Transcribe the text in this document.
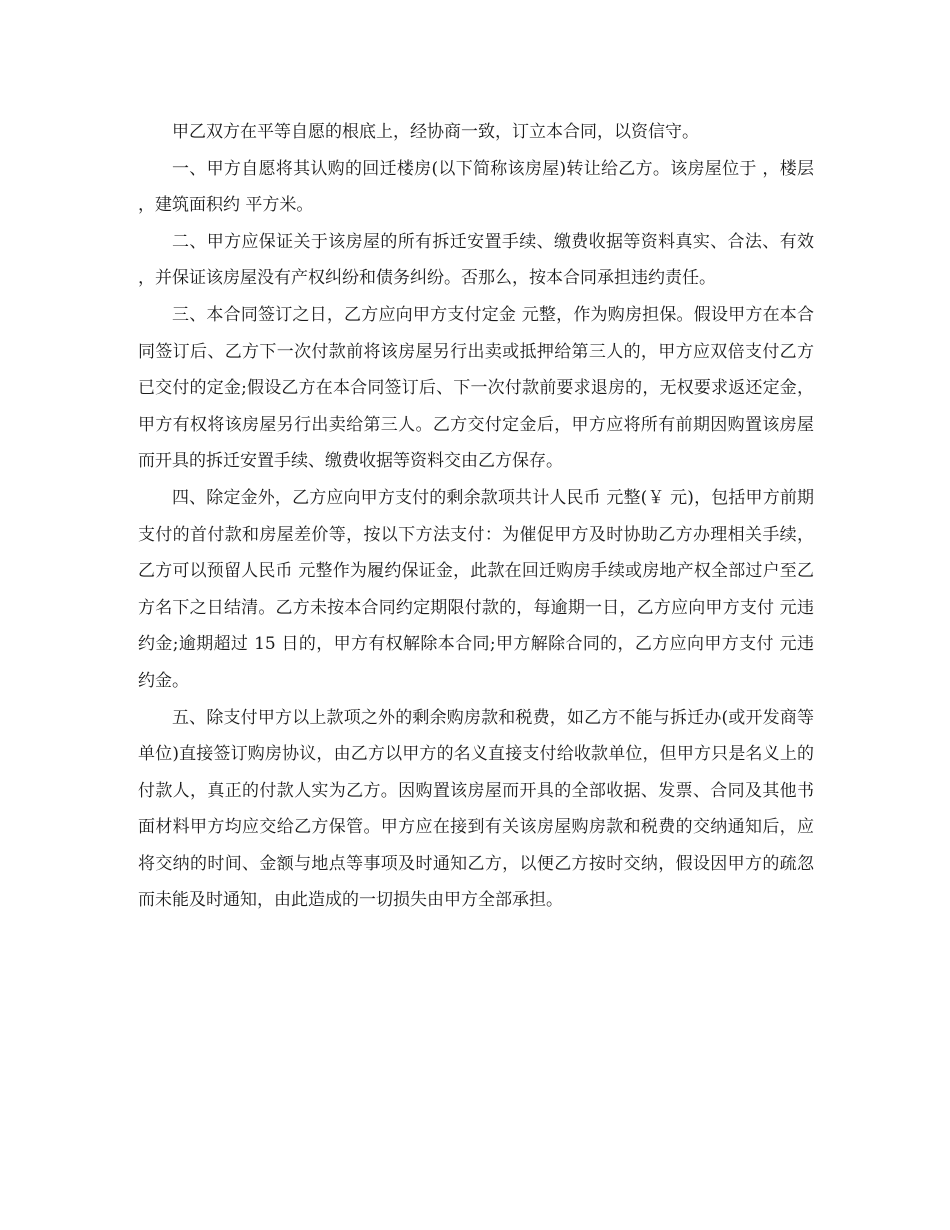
甲乙双方在平等自愿的根底上，经协商一致，订立本合同，以资信守。

一、甲方自愿将其认购的回迁楼房(以下简称该房屋)转让给乙方。该房屋位于 ，楼层 ，建筑面积约 平方米。

二、甲方应保证关于该房屋的所有拆迁安置手续、缴费收据等资料真实、合法、有效，并保证该房屋没有产权纠纷和债务纠纷。否那么，按本合同承担违约责任。

三、本合同签订之日，乙方应向甲方支付定金 元整，作为购房担保。假设甲方在本合同签订后、乙方下一次付款前将该房屋另行出卖或抵押给第三人的，甲方应双倍支付乙方已交付的定金;假设乙方在本合同签订后、下一次付款前要求退房的，无权要求返还定金，甲方有权将该房屋另行出卖给第三人。乙方交付定金后，甲方应将所有前期因购置该房屋而开具的拆迁安置手续、缴费收据等资料交由乙方保存。

四、除定金外，乙方应向甲方支付的剩余款项共计人民币 元整(￥ 元)，包括甲方前期支付的首付款和房屋差价等，按以下方法支付：为催促甲方及时协助乙方办理相关手续，乙方可以预留人民币 元整作为履约保证金，此款在回迁购房手续或房地产权全部过户至乙方名下之日结清。乙方未按本合同约定期限付款的，每逾期一日，乙方应向甲方支付 元违约金;逾期超过 15 日的，甲方有权解除本合同;甲方解除合同的，乙方应向甲方支付 元违约金。

五、除支付甲方以上款项之外的剩余购房款和税费，如乙方不能与拆迁办(或开发商等单位)直接签订购房协议，由乙方以甲方的名义直接支付给收款单位，但甲方只是名义上的付款人，真正的付款人实为乙方。因购置该房屋而开具的全部收据、发票、合同及其他书面材料甲方均应交给乙方保管。甲方应在接到有关该房屋购房款和税费的交纳通知后，应将交纳的时间、金额与地点等事项及时通知乙方，以便乙方按时交纳，假设因甲方的疏忽而未能及时通知，由此造成的一切损失由甲方全部承担。
